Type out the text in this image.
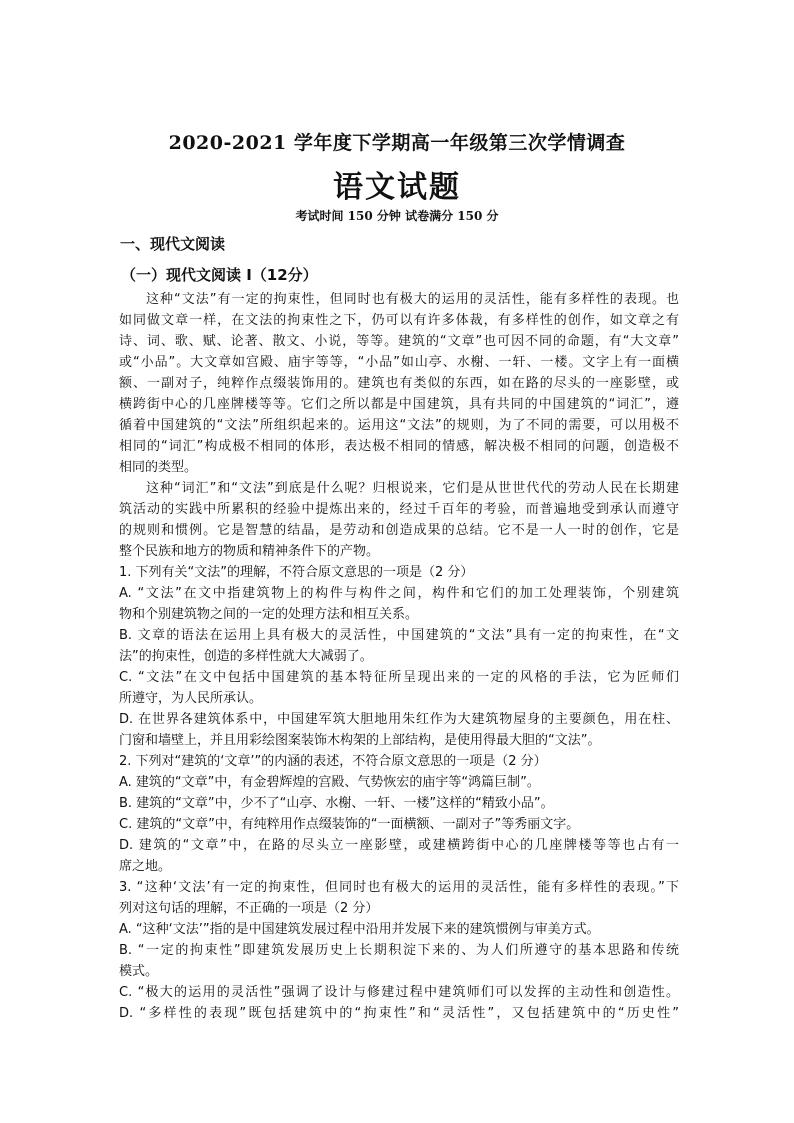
2020-2021 学年度下学期高一年级第三次学情调查
语文试题
考试时间 150 分钟 试卷满分 150 分
一、现代文阅读
（一）现代文阅读 I（12分）
这种“文法”有一定的拘束性，但同时也有极大的运用的灵活性，能有多样性的表现。也
如同做文章一样，在文法的拘束性之下，仍可以有许多体裁，有多样性的创作，如文章之有
诗、词、歌、赋、论著、散文、小说，等等。建筑的“文章”也可因不同的命题，有“大文章”
或“小品”。大文章如宫殿、庙宇等等，“小品”如山亭、水榭、一轩、一楼。文字上有一面横
额、一副对子，纯粹作点缀装饰用的。建筑也有类似的东西，如在路的尽头的一座影壁，或
横跨街中心的几座牌楼等等。它们之所以都是中国建筑，具有共同的中国建筑的“词汇”，遵
循着中国建筑的“文法”所组织起来的。运用这“文法”的规则，为了不同的需要，可以用极不
相同的“词汇”构成极不相同的体形，表达极不相同的情感，解决极不相同的问题，创造极不
相同的类型。
这种“词汇”和“文法”到底是什么呢？归根说来，它们是从世世代代的劳动人民在长期建
筑活动的实践中所累积的经验中提炼出来的，经过千百年的考验，而普遍地受到承认而遵守
的规则和惯例。它是智慧的结晶，是劳动和创造成果的总结。它不是一人一时的创作，它是
整个民族和地方的物质和精神条件下的产物。
1. 下列有关“文法”的理解，不符合原文意思的一项是（2 分）
A. “文法”在文中指建筑物上的构件与构件之间，构件和它们的加工处理装饰，个别建筑
物和个别建筑物之间的一定的处理方法和相互关系。
B. 文章的语法在运用上具有极大的灵活性，中国建筑的“文法”具有一定的拘束性，在“文
法”的拘束性，创造的多样性就大大减弱了。
C. “文法”在文中包括中国建筑的基本特征所呈现出来的一定的风格的手法，它为匠师们
所遵守，为人民所承认。
D. 在世界各建筑体系中，中国建军筑大胆地用朱红作为大建筑物屋身的主要颜色，用在柱、
门窗和墙壁上，并且用彩绘图案装饰木构架的上部结构，是使用得最大胆的“文法”。
2. 下列对“建筑的‘文章’”的内涵的表述，不符合原文意思的一项是（2 分）
A. 建筑的“文章”中，有金碧辉煌的宫殿、气势恢宏的庙宇等“鸿篇巨制”。
B. 建筑的“文章”中，少不了“山亭、水榭、一轩、一楼”这样的“精致小品”。
C. 建筑的“文章”中，有纯粹用作点缀装饰的“一面横额、一副对子”等秀丽文字。
D. 建筑的“文章”中，在路的尽头立一座影壁，或建横跨街中心的几座牌楼等等也占有一
席之地。
3. “这种‘文法’有一定的拘束性，但同时也有极大的运用的灵活性，能有多样性的表现。”下
列对这句话的理解，不正确的一项是（2 分）
A. “这种‘文法’”指的是中国建筑发展过程中沿用并发展下来的建筑惯例与审美方式。
B. “一定的拘束性”即建筑发展历史上长期积淀下来的、为人们所遵守的基本思路和传统
模式。
C. “极大的运用的灵活性”强调了设计与修建过程中建筑师们可以发挥的主动性和创造性。
D. “多样性的表现”既包括建筑中的“拘束性”和“灵活性”，又包括建筑中的“历史性”
